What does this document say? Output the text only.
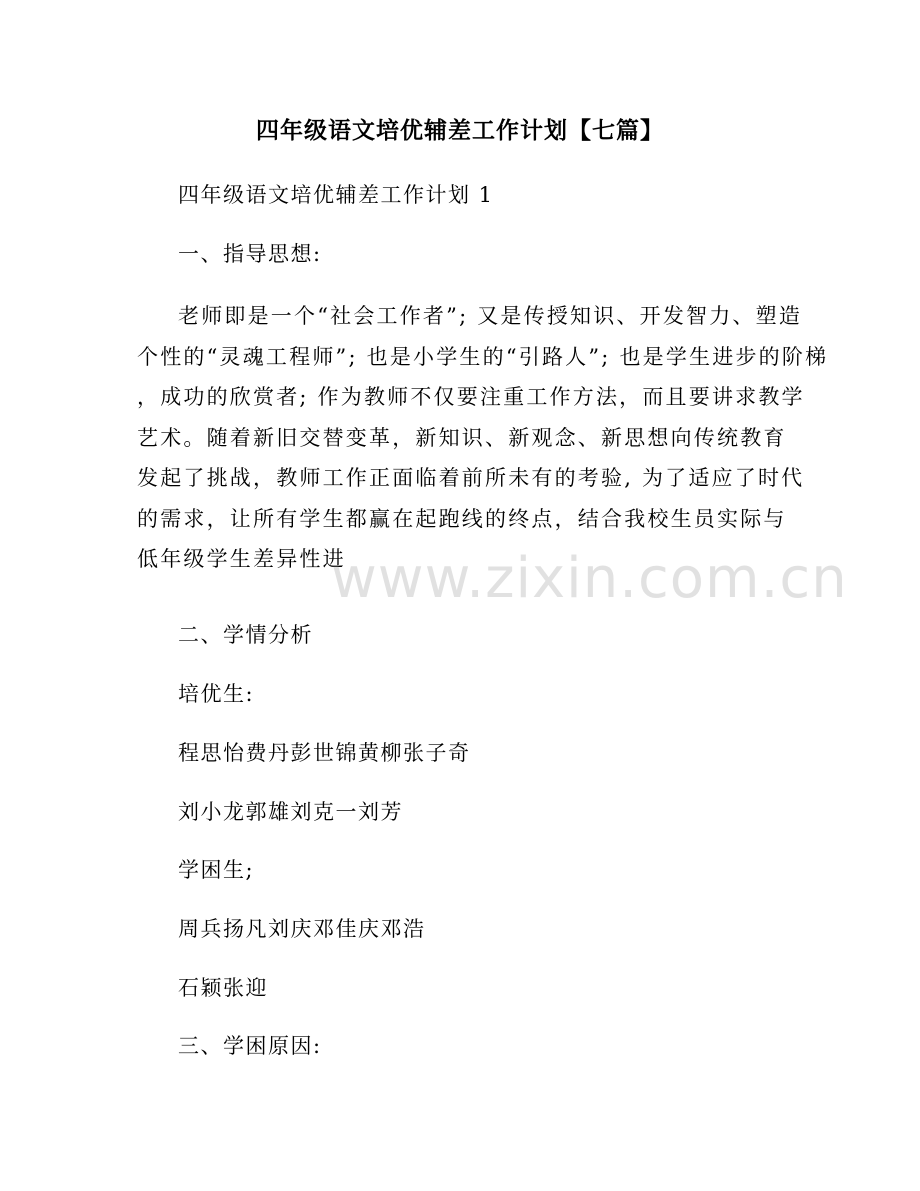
四年级语文培优辅差工作计划【七篇】
四年级语文培优辅差工作计划 1
一、指导思想:
老师即是一个“社会工作者”; 又是传授知识、开发智力、塑造
个性的“灵魂工程师”; 也是小学生的“引路人”; 也是学生进步的阶梯
，成功的欣赏者; 作为教师不仅要注重工作方法，而且要讲求教学
艺术。随着新旧交替变革，新知识、新观念、新思想向传统教育
发起了挑战，教师工作正面临着前所未有的考验, 为了适应了时代
的需求，让所有学生都赢在起跑线的终点，结合我校生员实际与
低年级学生差异性进
二、学情分析
培优生:
程思怡费丹彭世锦黄柳张子奇
刘小龙郭雄刘克一刘芳
学困生;
周兵扬凡刘庆邓佳庆邓浩
石颖张迎
三、学困原因:
www.zixin.com.cn
